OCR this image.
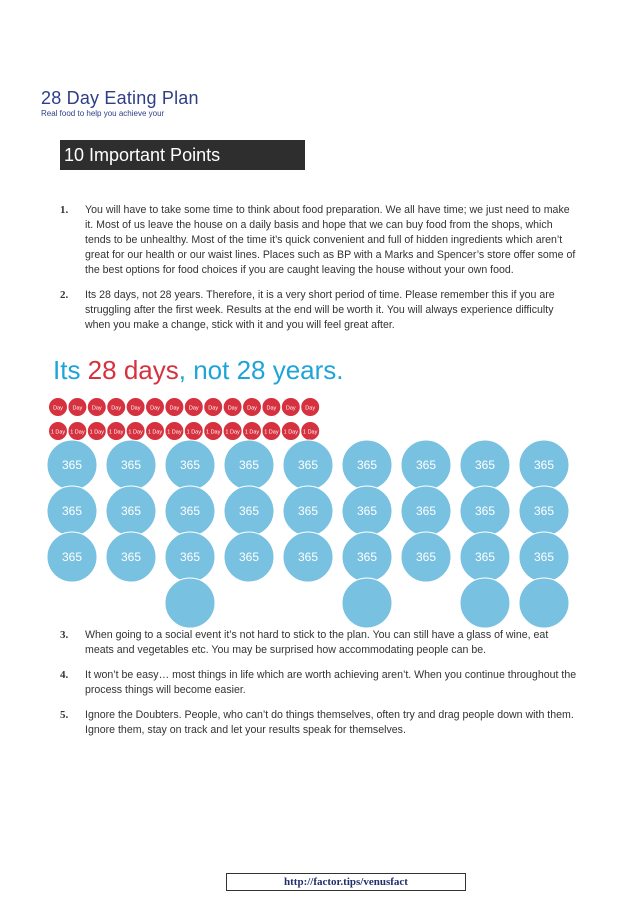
28 Day Eating Plan
Real food to help you achieve your
10 Important Points
1. You will have to take some time to think about food preparation. We all have time; we just need to make it. Most of us leave the house on a daily basis and hope that we can buy food from the shops, which tends to be unhealthy. Most of the time it’s quick convenient and full of hidden ingredients which aren’t great for our health or our waist lines. Places such as BP with a Marks and Spencer’s store offer some of the best options for food choices if you are caught leaving the house without your own food.
2. Its 28 days, not 28 years. Therefore, it is a very short period of time. Please remember this if you are struggling after the first week. Results at the end will be worth it. You will always experience difficulty when you make a change, stick with it and you will feel great after.
Its 28 days, not 28 years.
Day Day Day Day Day Day Day Day Day Day Day Day Day Day
1 Day 1 Day 1 Day 1 Day 1 Day 1 Day 1 Day 1 Day 1 Day 1 Day 1 Day 1 Day 1 Day 1 Day
365
365
365
365
365
365
365
365
365
365
365
365
365
365
365
365
365
365
365
365
365
365
365
365
365
365
365
3. When going to a social event it’s not hard to stick to the plan. You can still have a glass of wine, eat meats and vegetables etc. You may be surprised how accommodating people can be.
4. It won’t be easy… most things in life which are worth achieving aren’t. When you continue throughout the process things will become easier.
5. Ignore the Doubters. People, who can’t do things themselves, often try and drag people down with them. Ignore them, stay on track and let your results speak for themselves.
http://factor.tips/venusfact
